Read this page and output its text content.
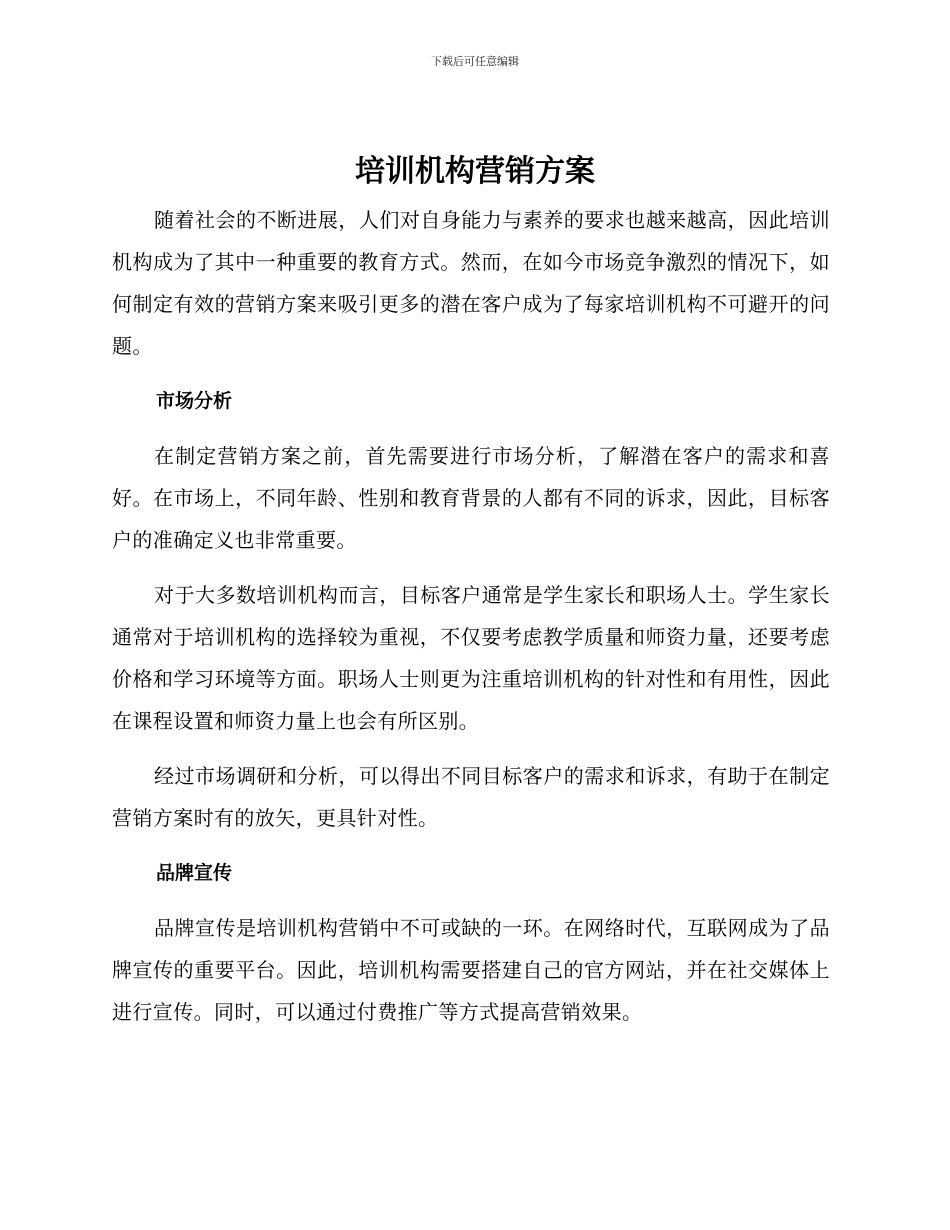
下载后可任意编辑
培训机构营销方案

随着社会的不断进展，人们对自身能力与素养的要求也越来越高，因此培训机构成为了其中一种重要的教育方式。然而，在如今市场竞争激烈的情况下，如何制定有效的营销方案来吸引更多的潜在客户成为了每家培训机构不可避开的问题。

市场分析

在制定营销方案之前，首先需要进行市场分析，了解潜在客户的需求和喜好。在市场上，不同年龄、性别和教育背景的人都有不同的诉求，因此，目标客户的准确定义也非常重要。

对于大多数培训机构而言，目标客户通常是学生家长和职场人士。学生家长通常对于培训机构的选择较为重视，不仅要考虑教学质量和师资力量，还要考虑价格和学习环境等方面。职场人士则更为注重培训机构的针对性和有用性，因此在课程设置和师资力量上也会有所区别。

经过市场调研和分析，可以得出不同目标客户的需求和诉求，有助于在制定营销方案时有的放矢，更具针对性。

品牌宣传

品牌宣传是培训机构营销中不可或缺的一环。在网络时代，互联网成为了品牌宣传的重要平台。因此，培训机构需要搭建自己的官方网站，并在社交媒体上进行宣传。同时，可以通过付费推广等方式提高营销效果。
